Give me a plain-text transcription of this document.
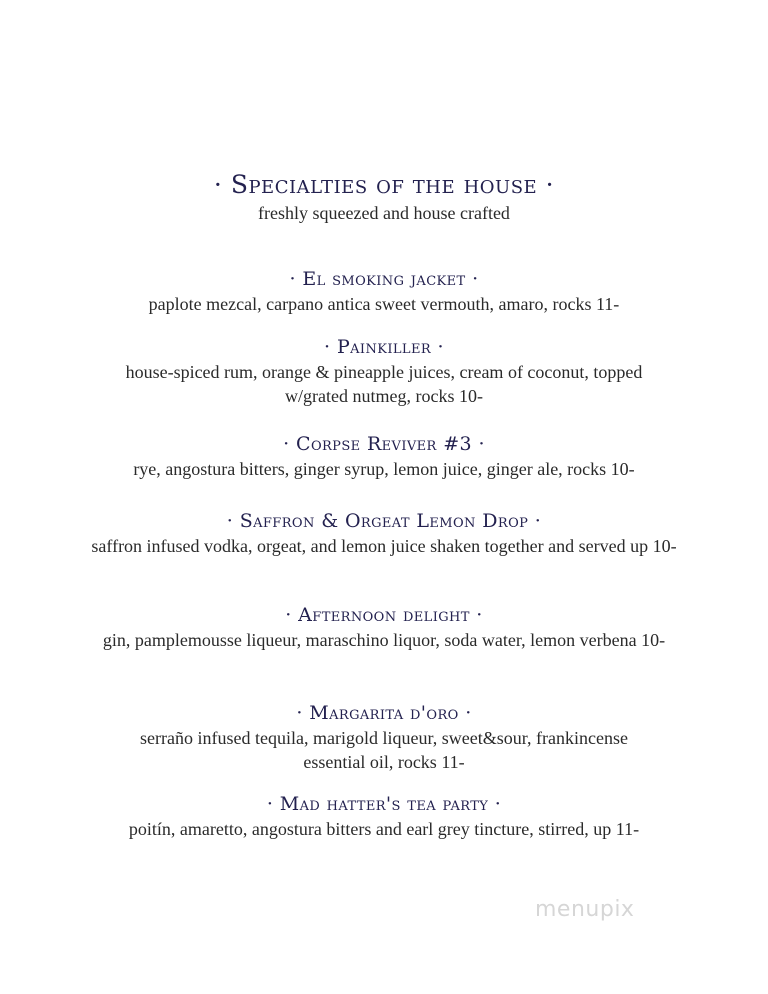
· Specialties of the house ·
freshly squeezed and house crafted
· El smoking jacket ·
paplote mezcal, carpano antica sweet vermouth, amaro, rocks 11-
· Painkiller ·
house-spiced rum, orange & pineapple juices, cream of coconut, topped w/grated nutmeg, rocks 10-
· Corpse Reviver #3 ·
rye, angostura bitters, ginger syrup, lemon juice, ginger ale, rocks 10-
· Saffron & Orgeat Lemon Drop ·
saffron infused vodka, orgeat, and lemon juice shaken together and served up 10-
· Afternoon delight ·
gin, pamplemousse liqueur, maraschino liquor, soda water, lemon verbena 10-
· Margarita d'oro ·
serraño infused tequila, marigold liqueur, sweet&sour, frankincense essential oil, rocks 11-
· Mad hatter's tea party ·
poitín, amaretto, angostura bitters and earl grey tincture, stirred, up 11-
menupix
